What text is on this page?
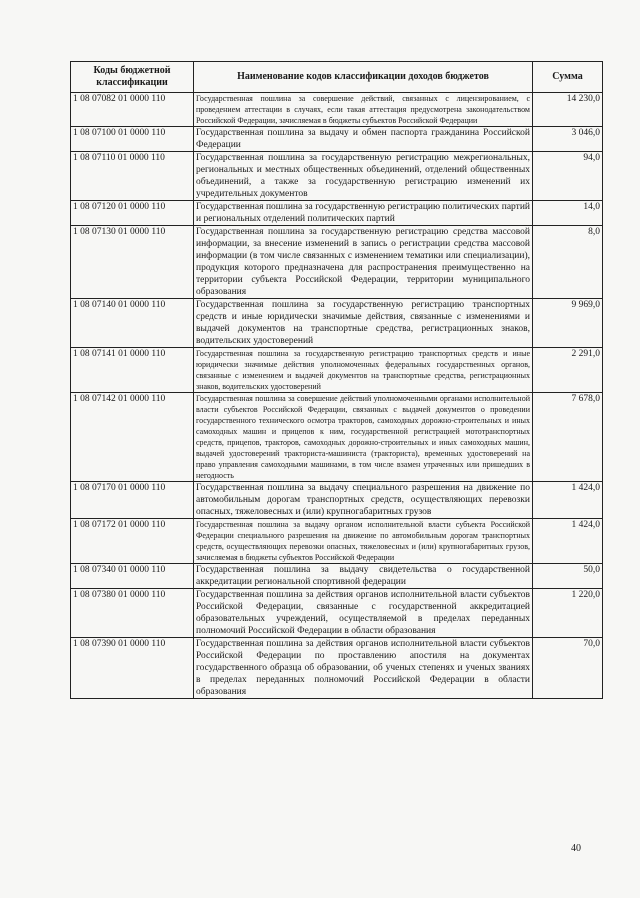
Коды бюджетной классификации	Наименование кодов классификации доходов бюджетов	Сумма
1 08 07082 01 0000 110	Государственная пошлина за совершение действий, связанных с лицензированием, с проведением аттестации в случаях, если такая аттестация предусмотрена законодательством Российской Федерации, зачисляемая в бюджеты субъектов Российской Федерации	14 230,0
1 08 07100 01 0000 110	Государственная пошлина за выдачу и обмен паспорта гражданина Российской Федерации	3 046,0
1 08 07110 01 0000 110	Государственная пошлина за государственную регистрацию межрегиональных, региональных и местных общественных объединений, отделений общественных объединений, а также за государственную регистрацию изменений их учредительных документов	94,0
1 08 07120 01 0000 110	Государственная пошлина за государственную регистрацию политических партий и региональных отделений политических партий	14,0
1 08 07130 01 0000 110	Государственная пошлина за государственную регистрацию средства массовой информации, за внесение изменений в запись о регистрации средства массовой информации (в том числе связанных с изменением тематики или специализации), продукция которого предназначена для распространения преимущественно на территории субъекта Российской Федерации, территории муниципального образования	8,0
1 08 07140 01 0000 110	Государственная пошлина за государственную регистрацию транспортных средств и иные юридически значимые действия, связанные с изменениями и выдачей документов на транспортные средства, регистрационных знаков, водительских удостоверений	9 969,0
1 08 07141 01 0000 110	Государственная пошлина за государственную регистрацию транспортных средств и иные юридически значимые действия уполномоченных федеральных государственных органов, связанные с изменением и выдачей документов на транспортные средства, регистрационных знаков, водительских удостоверений	2 291,0
1 08 07142 01 0000 110	Государственная пошлина за совершение действий уполномоченными органами исполнительной власти субъектов Российской Федерации, связанных с выдачей документов о проведении государственного технического осмотра тракторов, самоходных дорожно-строительных и иных самоходных машин и прицепов к ним, государственной регистрацией мототранспортных средств, прицепов, тракторов, самоходных дорожно-строительных и иных самоходных машин, выдачей удостоверений тракториста-машиниста (тракториста), временных удостоверений на право управления самоходными машинами, в том числе взамен утраченных или пришедших в негодность	7 678,0
1 08 07170 01 0000 110	Государственная пошлина за выдачу специального разрешения на движение по автомобильным дорогам транспортных средств, осуществляющих перевозки опасных, тяжеловесных и (или) крупногабаритных грузов	1 424,0
1 08 07172 01 0000 110	Государственная пошлина за выдачу органом исполнительной власти субъекта Российской Федерации специального разрешения на движение по автомобильным дорогам транспортных средств, осуществляющих перевозки опасных, тяжеловесных и (или) крупногабаритных грузов, зачисляемая в бюджеты субъектов Российской Федерации	1 424,0
1 08 07340 01 0000 110	Государственная пошлина за выдачу свидетельства о государственной аккредитации региональной спортивной федерации	50,0
1 08 07380 01 0000 110	Государственная пошлина за действия органов исполнительной власти субъектов Российской Федерации, связанные с государственной аккредитацией образовательных учреждений, осуществляемой в пределах переданных полномочий Российской Федерации в области образования	1 220,0
1 08 07390 01 0000 110	Государственная пошлина за действия органов исполнительной власти субъектов Российской Федерации по проставлению апостиля на документах государственного образца об образовании, об ученых степенях и ученых званиях в пределах переданных полномочий Российской Федерации в области образования	70,0
40
